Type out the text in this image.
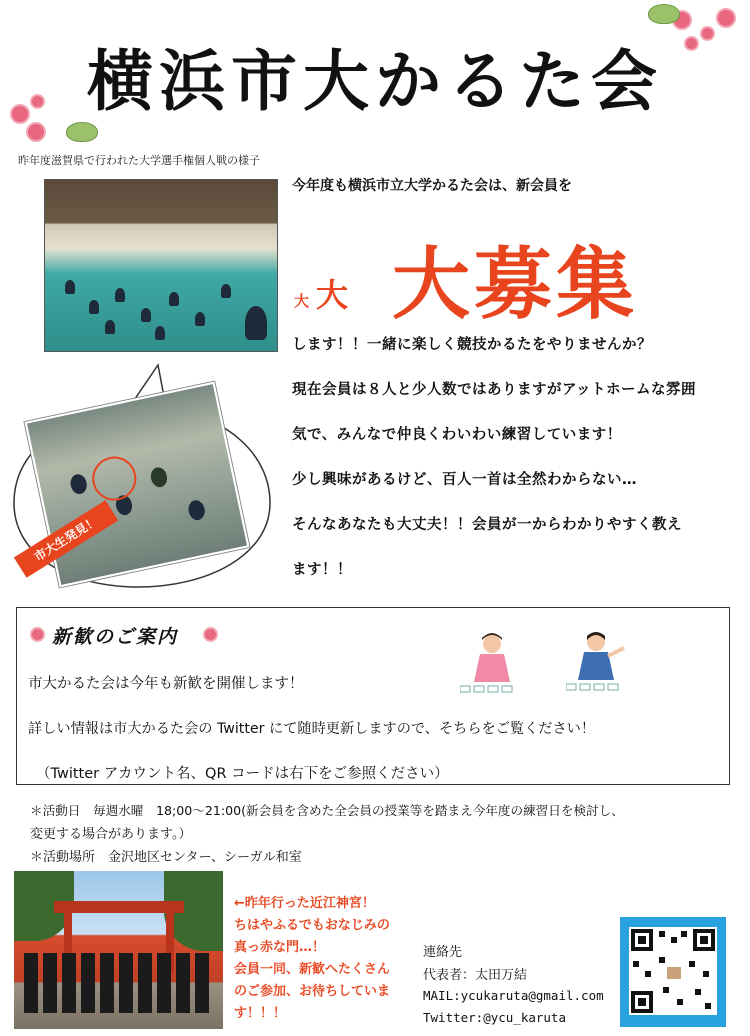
横浜市大かるた会
昨年度滋賀県で行われた大学選手権個人戦の様子
今年度も横浜市立大学かるた会は、新会員を
大 大 大募集
します！！一緒に楽しく競技かるたをやりませんか？
現在会員は８人と少人数ではありますがアットホームな雰囲
気で、みんなで仲良くわいわい練習しています！
少し興味があるけど、百人一首は全然わからない…
そんなあなたも大丈夫！！会員が一からわかりやすく教え
ます！！
市大生発見！
新歓のご案内
市大かるた会は今年も新歓を開催します！
詳しい情報は市大かるた会の Twitter にて随時更新しますので、そちらをご覧ください！
（Twitter アカウント名、QR コードは右下をご参照ください）
＊活動日　毎週水曜　18;00～21:00(新会員を含めた全会員の授業等を踏まえ今年度の練習日を検討し、
変更する場合があります。）
＊活動場所　金沢地区センター、シーガル和室
←昨年行った近江神宮！
ちはやふるでもおなじみの
真っ赤な門…！
会員一同、新歓へたくさん
のご参加、お待ちしていま
す！！！
連絡先
代表者：太田万結
MAIL:ycukaruta@gmail.com
Twitter:@ycu_karuta
